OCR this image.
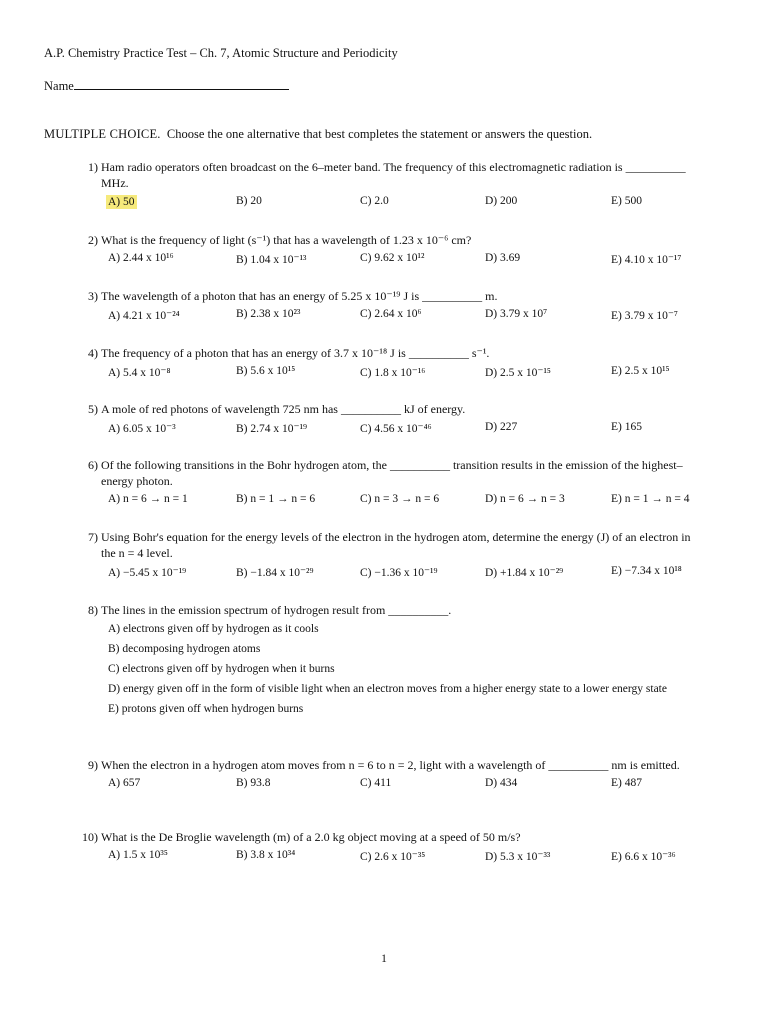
A.P. Chemistry Practice Test – Ch. 7, Atomic Structure and Periodicity
Name
MULTIPLE CHOICE. Choose the one alternative that best completes the statement or answers the question.
1) Ham radio operators often broadcast on the 6–meter band. The frequency of this electromagnetic radiation is __________ MHz.
A) 50	B) 20	C) 2.0	D) 200	E) 500
2) What is the frequency of light (s⁻¹) that has a wavelength of 1.23 x 10⁻⁶ cm?
A) 2.44 x 10¹⁶	B) 1.04 x 10⁻¹³	C) 9.62 x 10¹²	D) 3.69	E) 4.10 x 10⁻¹⁷
3) The wavelength of a photon that has an energy of 5.25 x 10⁻¹⁹ J is __________ m.
A) 4.21 x 10⁻²⁴	B) 2.38 x 10²³	C) 2.64 x 10⁶	D) 3.79 x 10⁷	E) 3.79 x 10⁻⁷
4) The frequency of a photon that has an energy of 3.7 x 10⁻¹⁸ J is __________ s⁻¹.
A) 5.4 x 10⁻⁸	B) 5.6 x 10¹⁵	C) 1.8 x 10⁻¹⁶	D) 2.5 x 10⁻¹⁵	E) 2.5 x 10¹⁵
5) A mole of red photons of wavelength 725 nm has __________ kJ of energy.
A) 6.05 x 10⁻³	B) 2.74 x 10⁻¹⁹	C) 4.56 x 10⁻⁴⁶	D) 227	E) 165
6) Of the following transitions in the Bohr hydrogen atom, the __________ transition results in the emission of the highest–energy photon.
A) n = 6 → n = 1	B) n = 1 → n = 6	C) n = 3 → n = 6	D) n = 6 → n = 3	E) n = 1 → n = 4
7) Using Bohr's equation for the energy levels of the electron in the hydrogen atom, determine the energy (J) of an electron in the n = 4 level.
A) −5.45 x 10⁻¹⁹	B) −1.84 x 10⁻²⁹	C) −1.36 x 10⁻¹⁹	D) +1.84 x 10⁻²⁹	E) −7.34 x 10¹⁸
8) The lines in the emission spectrum of hydrogen result from __________.
A) electrons given off by hydrogen as it cools
B) decomposing hydrogen atoms
C) electrons given off by hydrogen when it burns
D) energy given off in the form of visible light when an electron moves from a higher energy state to a lower energy state
E) protons given off when hydrogen burns
9) When the electron in a hydrogen atom moves from n = 6 to n = 2, light with a wavelength of __________ nm is emitted.
A) 657	B) 93.8	C) 411	D) 434	E) 487
10) What is the De Broglie wavelength (m) of a 2.0 kg object moving at a speed of 50 m/s?
A) 1.5 x 10³⁵	B) 3.8 x 10³⁴	C) 2.6 x 10⁻³⁵	D) 5.3 x 10⁻³³	E) 6.6 x 10⁻³⁶
1
